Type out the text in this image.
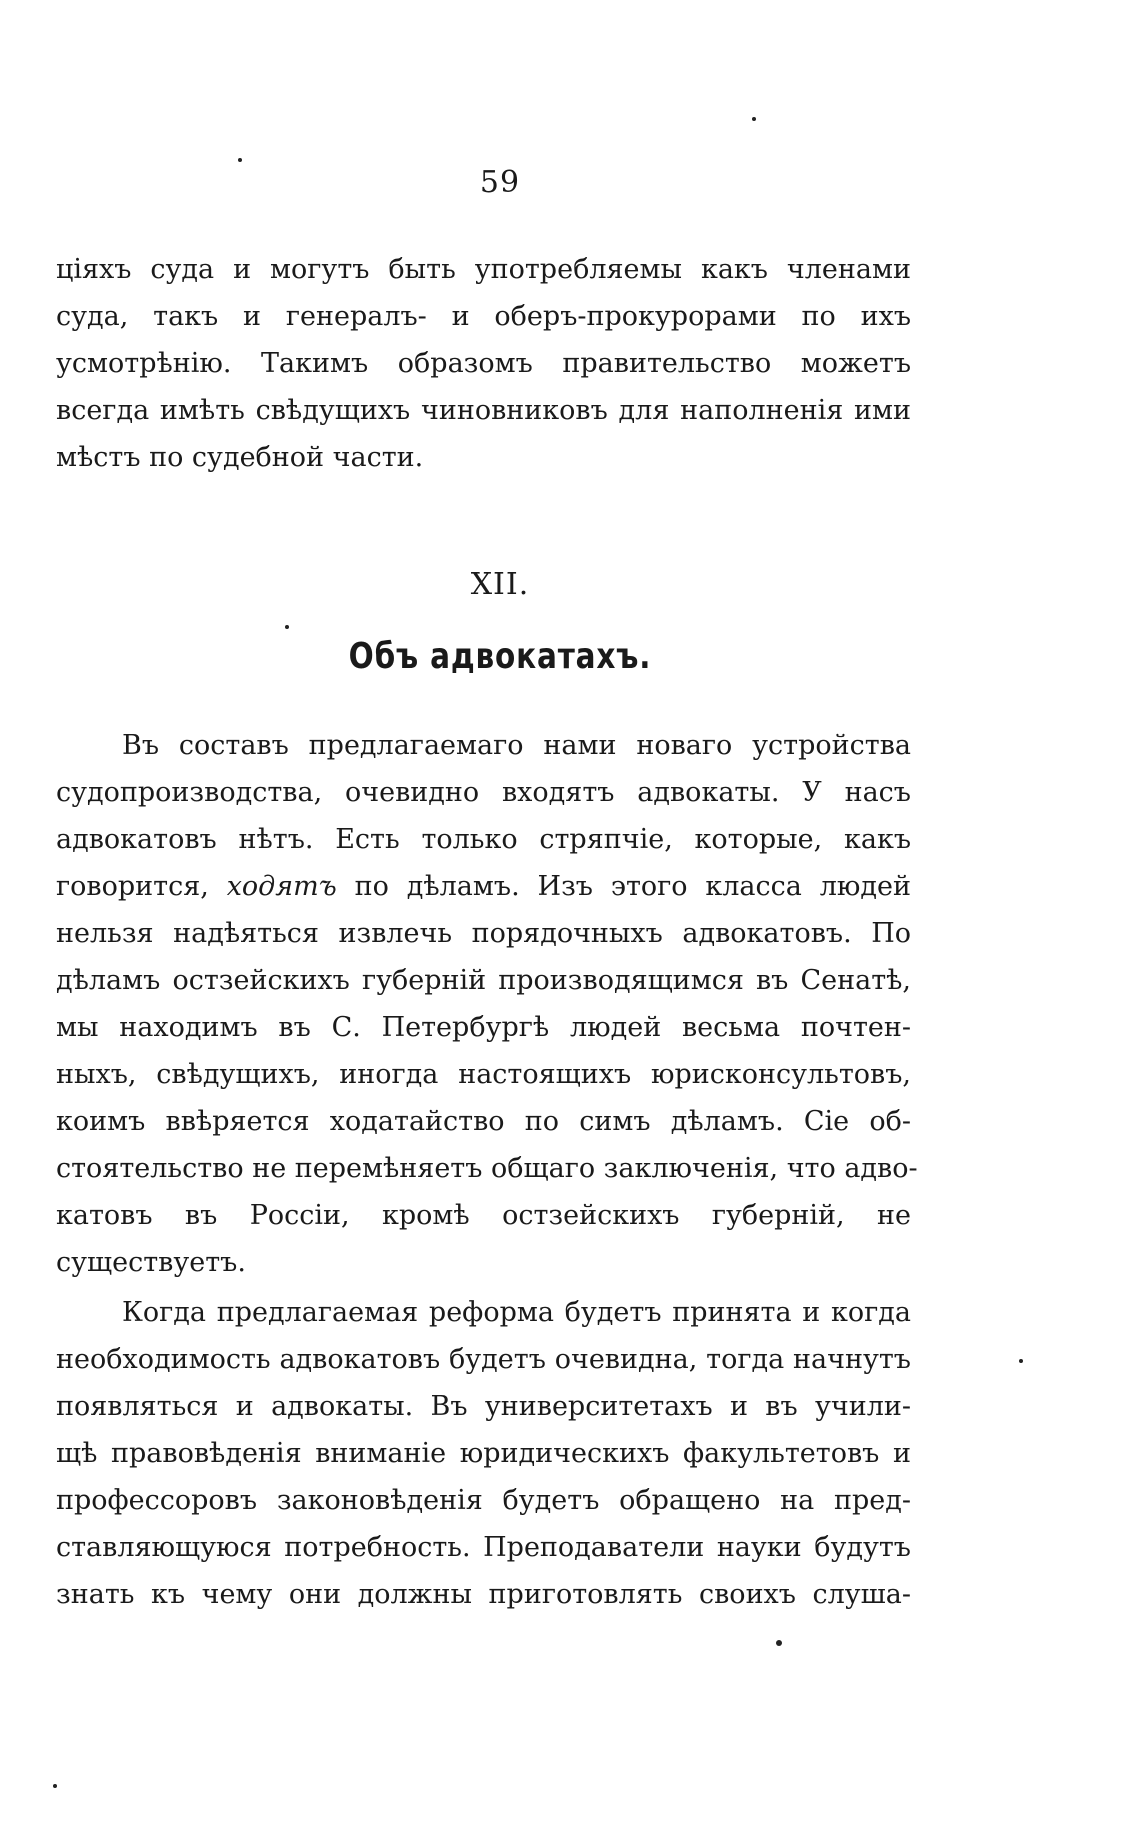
59
ціяхъ суда и могутъ быть употребляемы какъ членами
суда, такъ и генералъ- и оберъ-прокурорами по ихъ
усмотрѣнію. Такимъ образомъ правительство можетъ
всегда имѣть свѣдущихъ чиновниковъ для наполненія ими
мѣстъ по судебной части.
XII.
Объ адвокатахъ.
Въ составъ предлагаемаго нами новаго устройства
судопроизводства, очевидно входятъ адвокаты. У насъ
адвокатовъ нѣтъ. Есть только стряпчіе, которые, какъ
говорится, ходятъ по дѣламъ. Изъ этого класса людей
нельзя надѣяться извлечь порядочныхъ адвокатовъ. По
дѣламъ остзейскихъ губерній производящимся въ Сенатѣ,
мы находимъ въ С. Петербургѣ людей весьма почтен-
ныхъ, свѣдущихъ, иногда настоящихъ юрисконсультовъ,
коимъ ввѣряется ходатайство по симъ дѣламъ. Сіе об-
стоятельство не перемѣняетъ общаго заключенія, что адво-
катовъ въ Россіи, кромѣ остзейскихъ губерній, не
существуетъ.
Когда предлагаемая реформа будетъ принята и когда
необходимость адвокатовъ будетъ очевидна, тогда начнутъ
появляться и адвокаты. Въ университетахъ и въ учили-
щѣ правовѣденія вниманіе юридическихъ факультетовъ и
профессоровъ законовѣденія будетъ обращено на пред-
ставляющуюся потребность. Преподаватели науки будутъ
знать къ чему они должны приготовлять своихъ слуша-
